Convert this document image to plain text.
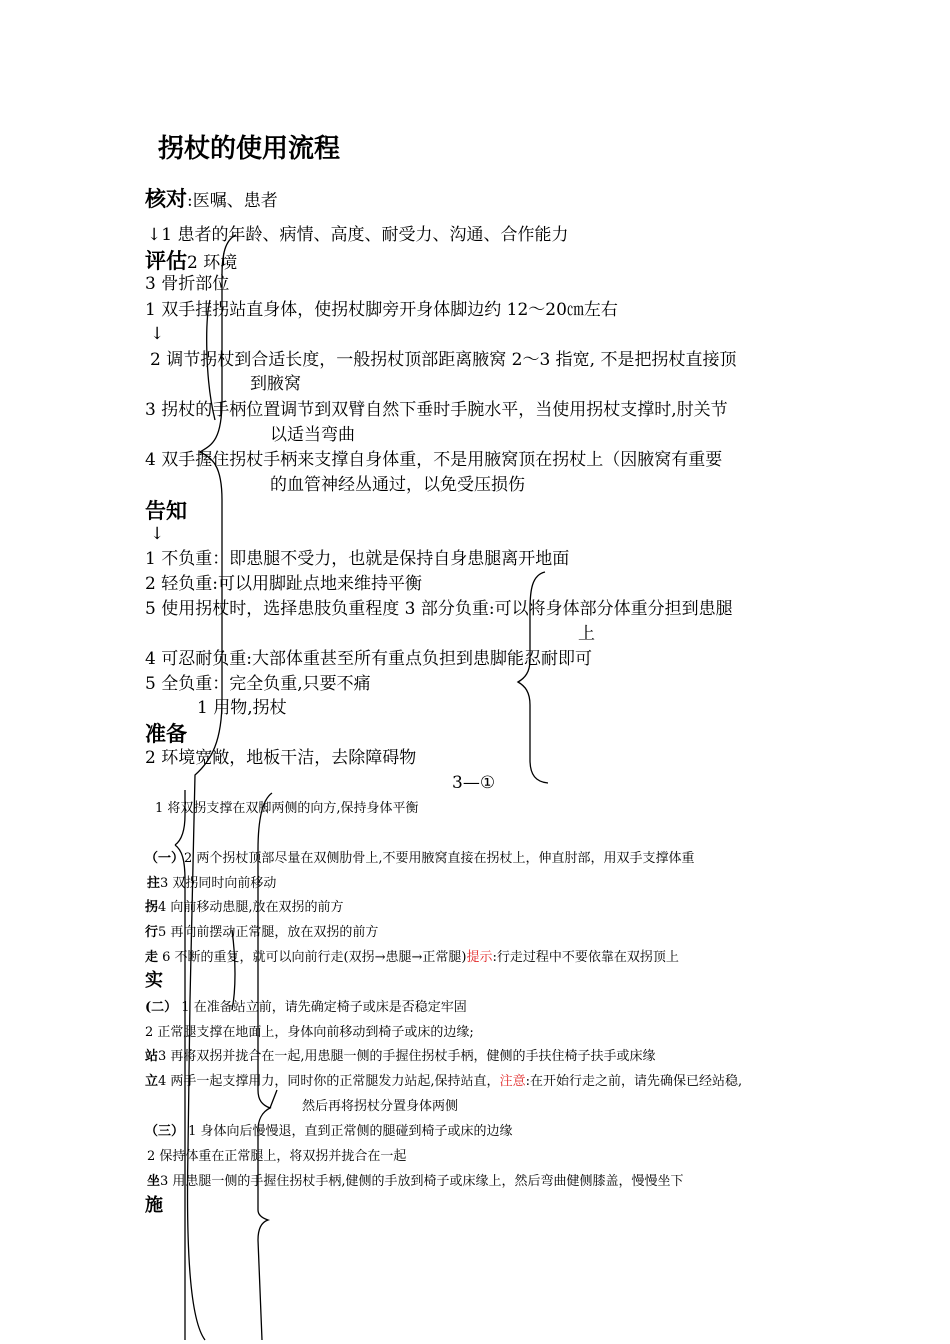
拐杖的使用流程
核对:医嘱、患者
↓1 患者的年龄、病情、高度、耐受力、沟通、合作能力
评估2 环境
3 骨折部位
1 双手挂拐站直身体，使拐杖脚旁开身体脚边约 12～20㎝左右
↓
2 调节拐杖到合适长度，一般拐杖顶部距离腋窝 2～3 指宽, 不是把拐杖直接顶
到腋窝
3 拐杖的手柄位置调节到双臂自然下垂时手腕水平，当使用拐杖支撑时,肘关节
以适当弯曲
4 双手握住拐杖手柄来支撑自身体重，不是用腋窝顶在拐杖上（因腋窝有重要
的血管神经丛通过，以免受压损伤
告知
↓
1 不负重：即患腿不受力，也就是保持自身患腿离开地面
2 轻负重:可以用脚趾点地来维持平衡
5 使用拐杖时，选择患肢负重程度 3 部分负重:可以将身体部分体重分担到患腿
上
4 可忍耐负重:大部体重甚至所有重点负担到患脚能忍耐即可
5 全负重：完全负重,只要不痛
1 用物,拐杖
准备
2 环境宽敞，地板干洁，去除障碍物
3—①
1 将双拐支撑在双脚两侧的向方,保持身体平衡
（一）2 两个拐杖顶部尽量在双侧肋骨上,不要用腋窝直接在拐杖上，伸直肘部，用双手支撑体重
拄3 双拐同时向前移动
拐4 向前移动患腿,放在双拐的前方
行5 再向前摆动正常腿，放在双拐的前方
走 6 不断的重复，就可以向前行走(双拐→患腿→正常腿)提示:行走过程中不要依靠在双拐顶上
实
(二） 1 在准备站立前，请先确定椅子或床是否稳定牢固
2 正常腿支撑在地面上，身体向前移动到椅子或床的边缘;
站3 再将双拐并拢合在一起,用患腿一侧的手握住拐杖手柄，健侧的手扶住椅子扶手或床缘
立4 两手一起支撑用力，同时你的正常腿发力站起,保持站直，注意:在开始行走之前，请先确保已经站稳,
然后再将拐杖分置身体两侧
（三） 1 身体向后慢慢退，直到正常侧的腿碰到椅子或床的边缘
2 保持体重在正常腿上，将双拐并拢合在一起
坐3 用患腿一侧的手握住拐杖手柄,健侧的手放到椅子或床缘上，然后弯曲健侧膝盖，慢慢坐下
施
